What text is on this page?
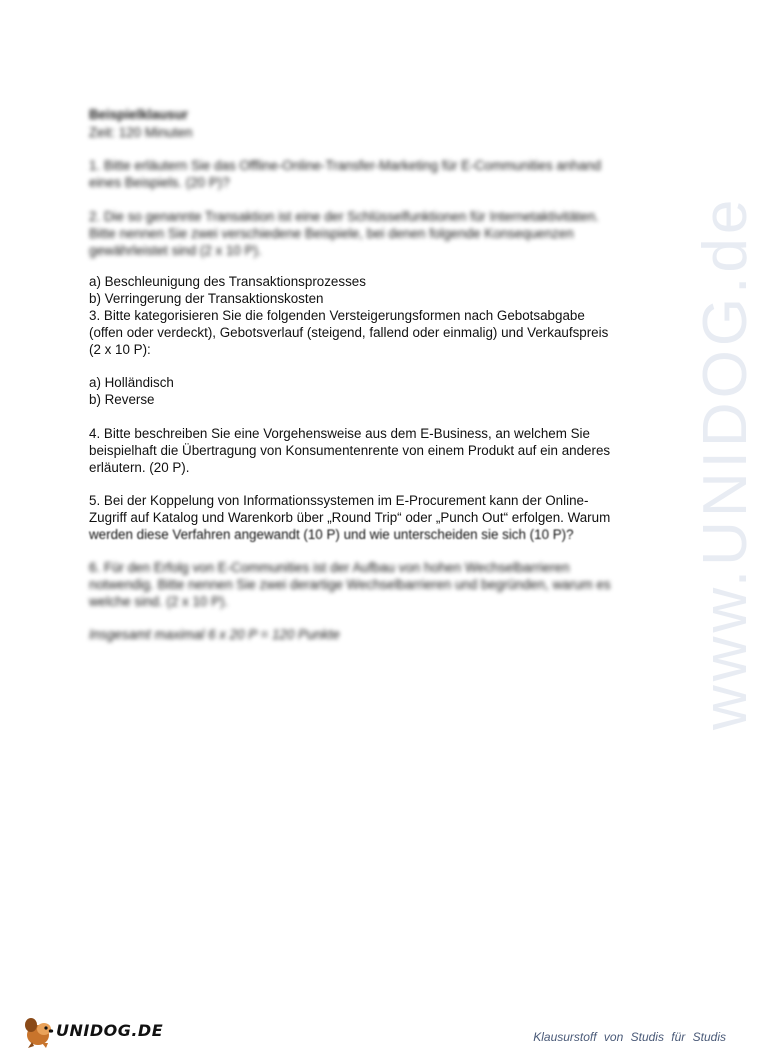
www.UNIDOG.de
Beispielklausur
Zeit: 120 Minuten
1. Bitte erläutern Sie das Offline-Online-Transfer-Marketing für E-Communities anhand
eines Beispiels. (20 P)?
2. Die so genannte Transaktion ist eine der Schlüsselfunktionen für Internetaktivitäten.
Bitte nennen Sie zwei verschiedene Beispiele, bei denen folgende Konsequenzen
gewährleistet sind (2 x 10 P).
a) Beschleunigung des Transaktionsprozesses
b) Verringerung der Transaktionskosten
3. Bitte kategorisieren Sie die folgenden Versteigerungsformen nach Gebotsabgabe
(offen oder verdeckt), Gebotsverlauf (steigend, fallend oder einmalig) und Verkaufspreis
(2 x 10 P):
a) Holländisch
b) Reverse
4. Bitte beschreiben Sie eine Vorgehensweise aus dem E-Business, an welchem Sie
beispielhaft die Übertragung von Konsumentenrente von einem Produkt auf ein anderes
erläutern. (20 P).
5. Bei der Koppelung von Informationssystemen im E-Procurement kann der Online-
Zugriff auf Katalog und Warenkorb über „Round Trip“ oder „Punch Out“ erfolgen. Warum
werden diese Verfahren angewandt (10 P) und wie unterscheiden sie sich (10 P)?
6. Für den Erfolg von E-Communities ist der Aufbau von hohen Wechselbarrieren
notwendig. Bitte nennen Sie zwei derartige Wechselbarrieren und begründen, warum es
welche sind. (2 x 10 P).
Insgesamt maximal 6 x 20 P = 120 Punkte
UNIDOG.DE	Klausurstoff von Studis für Studis
